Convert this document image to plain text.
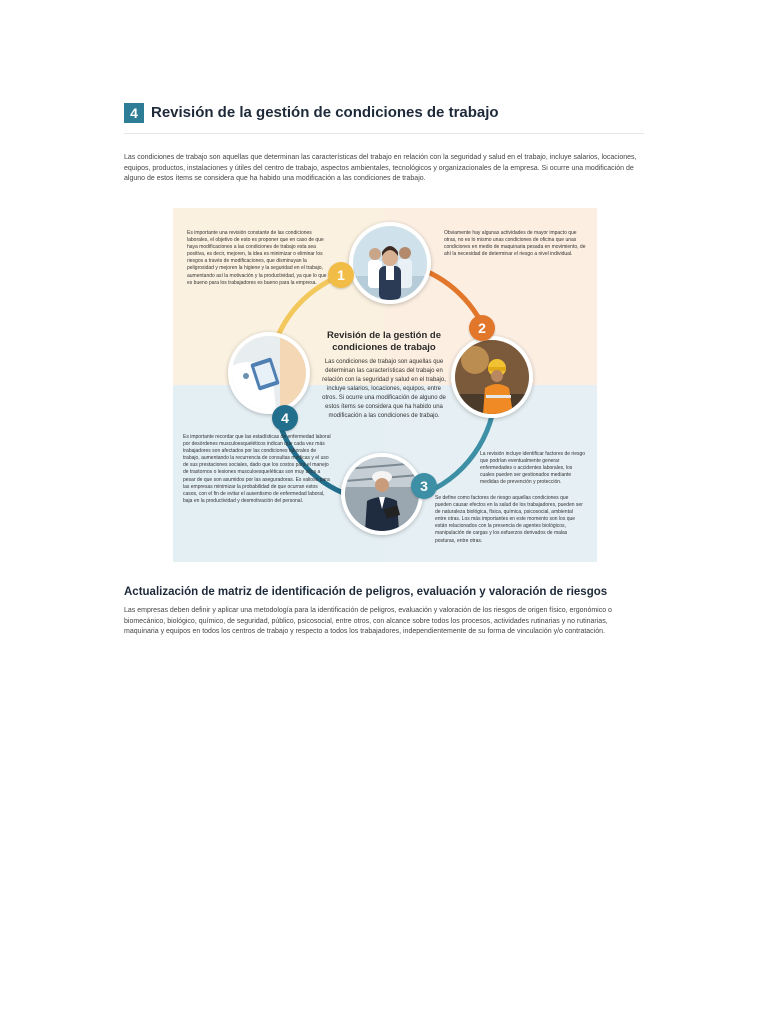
4 Revisión de la gestión de condiciones de trabajo

Las condiciones de trabajo son aquellas que determinan las características del trabajo en relación con la seguridad y salud en el trabajo, incluye salarios, locaciones, equipos, productos, instalaciones y útiles del centro de trabajo, aspectos ambientales, tecnológicos y organizacionales de la empresa. Si ocurre una modificación de alguno de estos ítems se considera que ha habido una modificación a las condiciones de trabajo.

1
2
3
4
Revisión de la gestión de condiciones de trabajo
Las condiciones de trabajo son aquellas que determinan las características del trabajo en relación con la seguridad y salud en el trabajo, incluye salarios, locaciones, equipos, entre otros. Si ocurre una modificación de alguno de estos ítems se considera que ha habido una modificación a las condiciones de trabajo.
Es importante una revisión constante de las condiciones laborales, el objetivo de esto es proponer que en caso de que haya modificaciones a las condiciones de trabajo esta sea positiva, es decir, mejoren, la idea es minimizar o eliminar los riesgos a través de modificaciones, que disminuyan la peligrosidad y mejoren la higiene y la seguridad en el trabajo, aumentando así la motivación y la productividad, ya que lo que es bueno para los trabajadores es bueno para la empresa.
Obviamente hay algunas actividades de mayor impacto que otras, no es lo mismo unas condiciones de oficina que unas condiciones en medio de maquinaria pesada en movimiento, de ahí la necesidad de determinar el riesgo a nivel individual.
La revisión incluye identificar factores de riesgo que podrían eventualmente generar enfermedades o accidentes laborales, los cuales pueden ser gestionados mediante medidas de prevención y protección.
Se define como factores de riesgo aquellas condiciones que pueden causar efectos en la salud de los trabajadores, pueden ser de naturaleza biológica, física, química, psicosocial, ambiental entre otras. Los más importantes en este momento son los que están relacionados con la presencia de agentes biológicos, manipulación de cargas y los esfuerzos derivados de malas posturas, entre otras.
Es importante recordar que las estadísticas de enfermedad laboral por desórdenes musculoesqueléticos indican que cada vez más trabajadores son afectados por las condiciones laborales de trabajo, aumentando la recurrencia de consultas médicas y el uso de sus prestaciones sociales, dado que los costos para el manejo de trastornos o lesiones musculoesqueléticas son muy altos a pesar de que son asumidos por las aseguradoras. Es valioso para las empresas minimizar la probabilidad de que ocurran estos casos, con el fin de evitar el ausentismo de enfermedad laboral, baja en la productividad y desmotivación del personal.
Actualización de matriz de identificación de peligros, evaluación y valoración de riesgos

Las empresas deben definir y aplicar una metodología para la identificación de peligros, evaluación y valoración de los riesgos de origen físico, ergonómico o biomecánico, biológico, químico, de seguridad, público, psicosocial, entre otros, con alcance sobre todos los procesos, actividades rutinarias y no rutinarias, maquinaria y equipos en todos los centros de trabajo y respecto a todos los trabajadores, independientemente de su forma de vinculación y/o contratación.
